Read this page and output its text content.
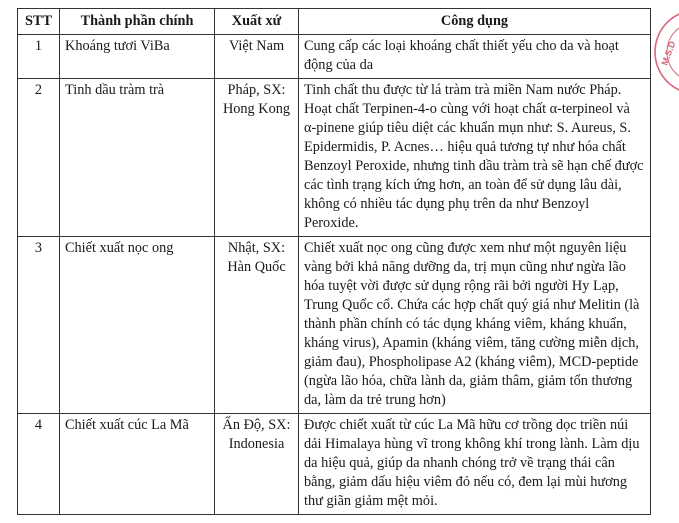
STT	Thành phần chính	Xuất xứ	Công dụng
1	Khoáng tươi ViBa	Việt Nam	Cung cấp các loại khoáng chất thiết yếu cho da và hoạt động của da
2	Tinh dầu tràm trà	Pháp, SX: Hong Kong	Tinh chất thu được từ lá tràm trà miền Nam nước Pháp. Hoạt chất Terpinen-4-o cùng với hoạt chất α-terpineol và α-pinene giúp tiêu diệt các khuẩn mụn như: S. Aureus, S. Epidermidis, P. Acnes… hiệu quả tương tự như hóa chất Benzoyl Peroxide, nhưng tinh dầu tràm trà sẽ hạn chế được các tình trạng kích ứng hơn, an toàn để sử dụng lâu dài, không có nhiều tác dụng phụ trên da như Benzoyl Peroxide.
3	Chiết xuất nọc ong	Nhật, SX: Hàn Quốc	Chiết xuất nọc ong cũng được xem như một nguyên liệu vàng bởi khả năng dưỡng da, trị mụn cũng như ngừa lão hóa tuyệt vời được sử dụng rộng rãi bởi người Hy Lạp, Trung Quốc cổ. Chứa các hợp chất quý giá như Melitin (là thành phần chính có tác dụng kháng viêm, kháng khuẩn, kháng virus), Apamin (kháng viêm, tăng cường miễn dịch, giảm đau), Phospholipase A2 (kháng viêm), MCD-peptide (ngừa lão hóa, chữa lành da, giảm thâm, giảm tổn thương da, làm da trẻ trung hơn)
4	Chiết xuất cúc La Mã	Ấn Độ, SX: Indonesia	Được chiết xuất từ cúc La Mã hữu cơ trồng dọc triền núi dải Himalaya hùng vĩ trong không khí trong lành. Làm dịu da hiệu quả, giúp da nhanh chóng trở về trạng thái cân bằng, giảm dấu hiệu viêm đỏ nếu có, đem lại mùi hương thư giãn giảm mệt mỏi.
M.S.D
